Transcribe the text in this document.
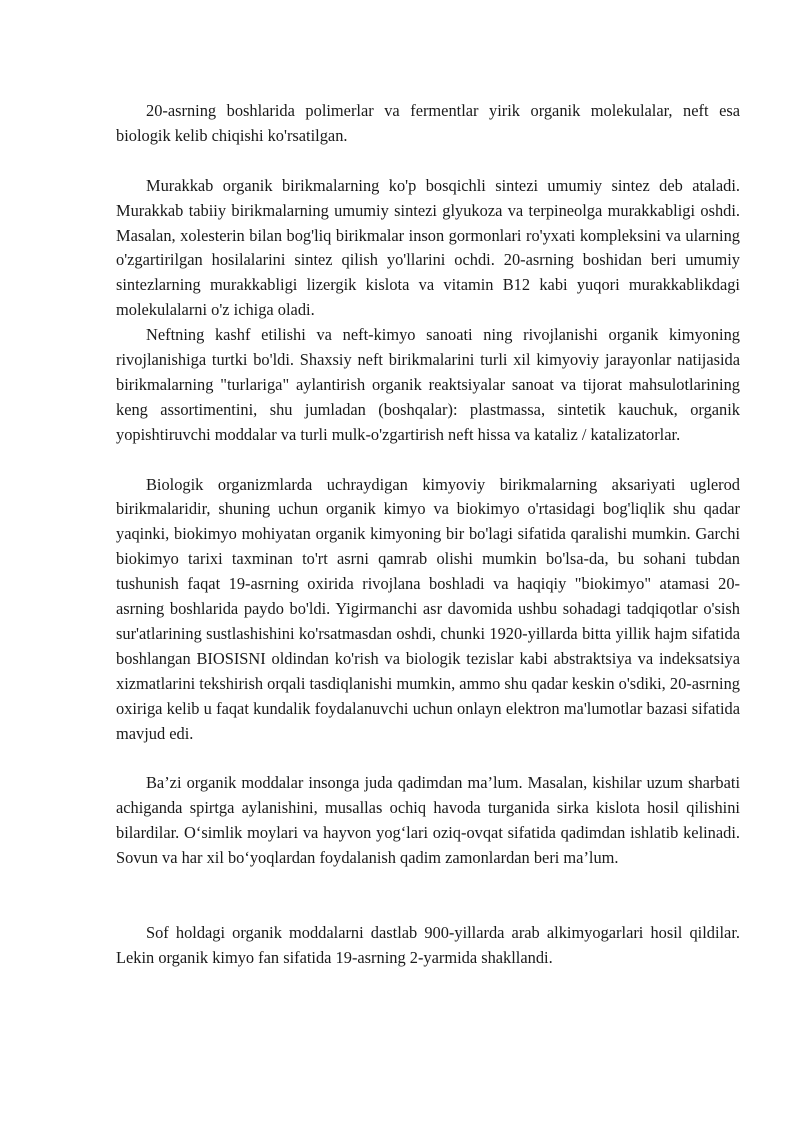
20-asrning boshlarida polimerlar va fermentlar yirik organik molekulalar, neft esa biologik kelib chiqishi ko'rsatilgan.

Murakkab organik birikmalarning ko'p bosqichli sintezi umumiy sintez deb ataladi. Murakkab tabiiy birikmalarning umumiy sintezi glyukoza va terpineolga murakkabligi oshdi. Masalan, xolesterin bilan bog'liq birikmalar inson gormonlari ro'yxati kompleksini va ularning o'zgartirilgan hosilalarini sintez qilish yo'llarini ochdi. 20-asrning boshidan beri umumiy sintezlarning murakkabligi lizergik kislota va vitamin B12 kabi yuqori murakkablikdagi molekulalarni o'z ichiga oladi.

Neftning kashf etilishi va neft-kimyo sanoati ning rivojlanishi organik kimyoning rivojlanishiga turtki bo'ldi. Shaxsiy neft birikmalarini turli xil kimyoviy jarayonlar natijasida birikmalarning "turlariga" aylantirish organik reaktsiyalar sanoat va tijorat mahsulotlarining keng assortimentini, shu jumladan (boshqalar): plastmassa, sintetik kauchuk, organik yopishtiruvchi moddalar va turli mulk-o'zgartirish neft hissa va kataliz / katalizatorlar.

Biologik organizmlarda uchraydigan kimyoviy birikmalarning aksariyati uglerod birikmalaridir, shuning uchun organik kimyo va biokimyo o'rtasidagi bog'liqlik shu qadar yaqinki, biokimyo mohiyatan organik kimyoning bir bo'lagi sifatida qaralishi mumkin. Garchi biokimyo tarixi taxminan to'rt asrni qamrab olishi mumkin bo'lsa-da, bu sohani tubdan tushunish faqat 19-asrning oxirida rivojlana boshladi va haqiqiy "biokimyo" atamasi 20-asrning boshlarida paydo bo'ldi. Yigirmanchi asr davomida ushbu sohadagi tadqiqotlar o'sish sur'atlarining sustlashishini ko'rsatmasdan oshdi, chunki 1920-yillarda bitta yillik hajm sifatida boshlangan BIOSISNI oldindan ko'rish va biologik tezislar kabi abstraktsiya va indeksatsiya xizmatlarini tekshirish orqali tasdiqlanishi mumkin, ammo shu qadar keskin o'sdiki, 20-asrning oxiriga kelib u faqat kundalik foydalanuvchi uchun onlayn elektron ma'lumotlar bazasi sifatida mavjud edi.

Ba’zi organik moddalar insonga juda qadimdan ma’lum. Masalan, kishilar uzum sharbati achiganda spirtga aylanishini, musallas ochiq havoda turganida sirka kislota hosil qilishini bilardilar. O‘simlik moylari va hayvon yog‘lari oziq-ovqat sifatida qadimdan ishlatib kelinadi. Sovun va har xil bo‘yoqlardan foydalanish qadim zamonlardan beri ma’lum.

Sof holdagi organik moddalarni dastlab 900-yillarda arab alkimyogarlari hosil qildilar. Lekin organik kimyo fan sifatida 19-asrning 2-yarmida shakllandi.
